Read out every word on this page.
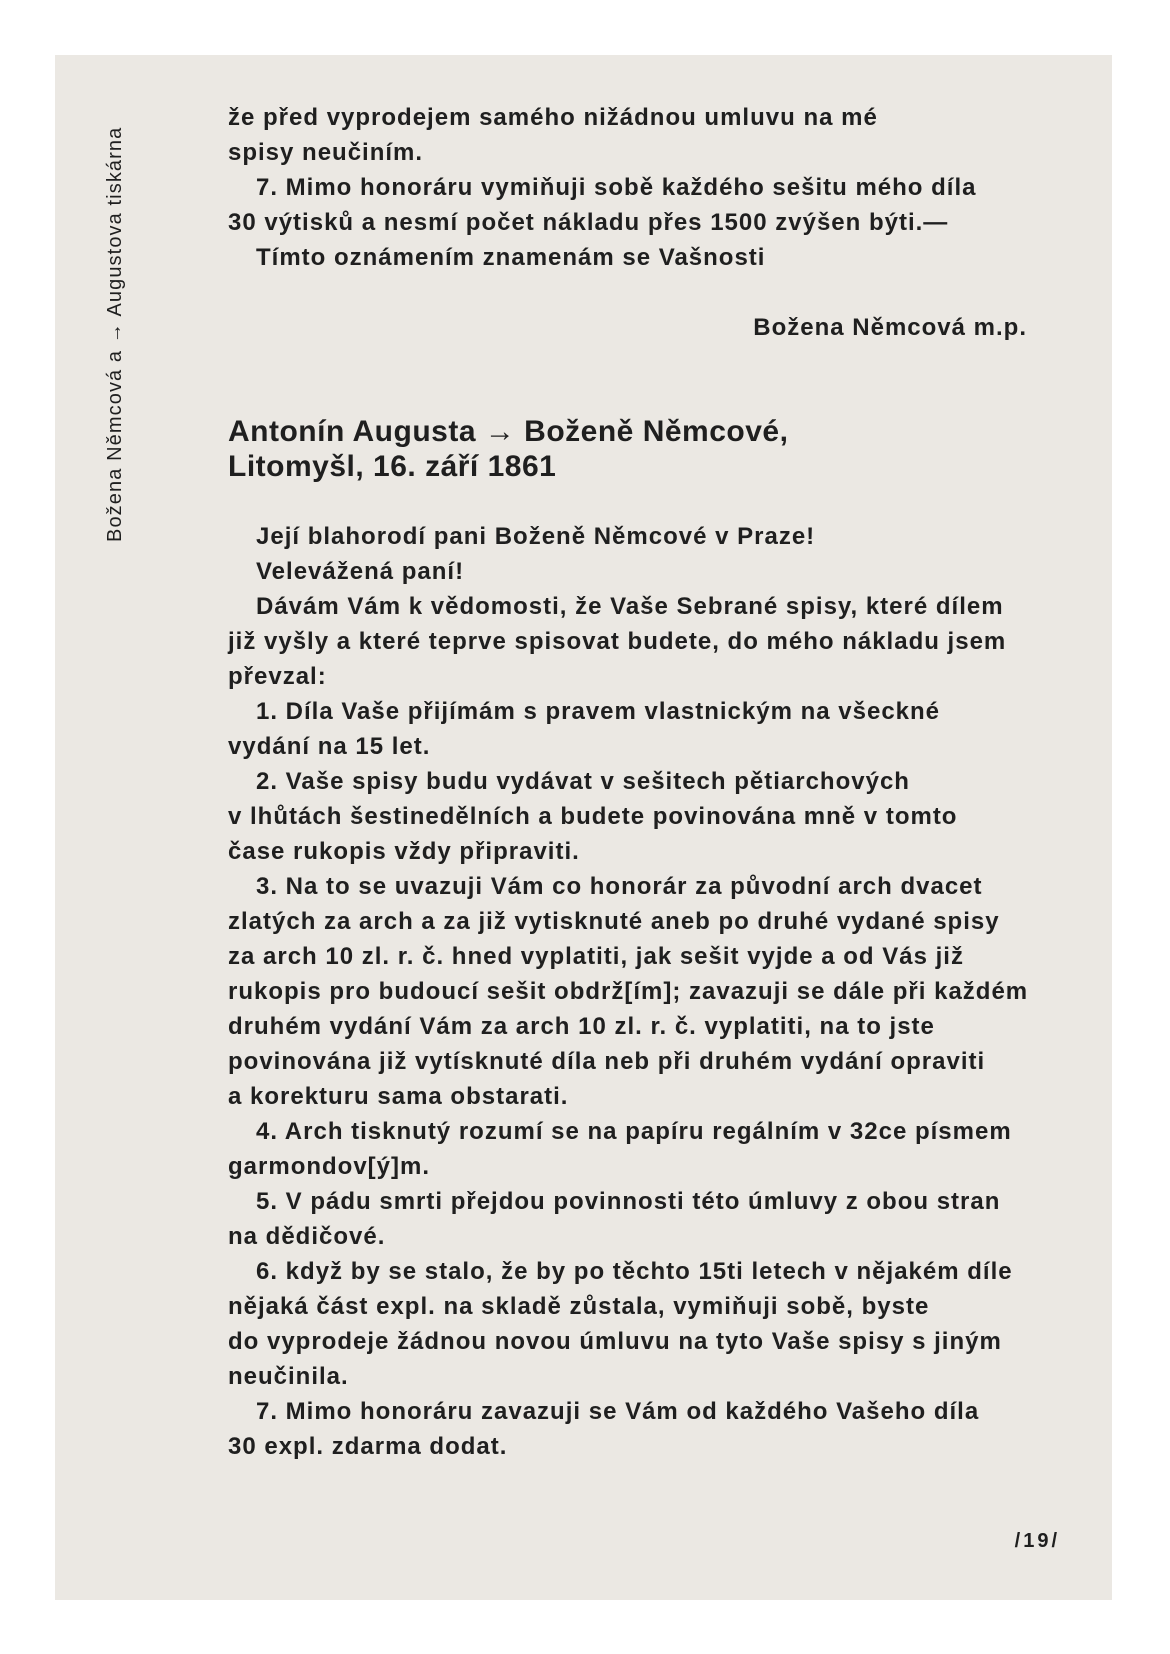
Božena Němcová a → Augustova tiskárna
že před vyprodejem samého nižádnou umluvu na mé
spisy neučiním.
7. Mimo honoráru vymiňuji sobě každého sešitu mého díla
30 výtisků a nesmí počet nákladu přes 1500 zvýšen býti.—
Tímto oznámením znamenám se Vašnosti
Božena Němcová m.p.
Antonín Augusta → Boženě Němcové,
Litomyšl, 16. září 1861
Její blahorodí pani Boženě Němcové v Praze!
Velevážená paní!
Dávám Vám k vědomosti, že Vaše Sebrané spisy, které dílem
již vyšly a které teprve spisovat budete, do mého nákladu jsem
převzal:
1. Díla Vaše přijímám s pravem vlastnickým na všeckné
vydání na 15 let.
2. Vaše spisy budu vydávat v sešitech pětiarchových
v lhůtách šestinedělních a budete povinována mně v tomto
čase rukopis vždy připraviti.
3. Na to se uvazuji Vám co honorár za původní arch dvacet
zlatých za arch a za již vytisknuté aneb po druhé vydané spisy
za arch 10 zl. r. č. hned vyplatiti, jak sešit vyjde a od Vás již
rukopis pro budoucí sešit obdrž[ím]; zavazuji se dále při každém
druhém vydání Vám za arch 10 zl. r. č. vyplatiti, na to jste
povinována již vytísknuté díla neb při druhém vydání opraviti
a korekturu sama obstarati.
4. Arch tisknutý rozumí se na papíru regálním v 32ce písmem
garmondov[ý]m.
5. V pádu smrti přejdou povinnosti této úmluvy z obou stran
na dědičové.
6. když by se stalo, že by po těchto 15ti letech v nějakém díle
nějaká část expl. na skladě zůstala, vymiňuji sobě, byste
do vyprodeje žádnou novou úmluvu na tyto Vaše spisy s jiným
neučinila.
7. Mimo honoráru zavazuji se Vám od každého Vašeho díla
30 expl. zdarma dodat.
/19/
